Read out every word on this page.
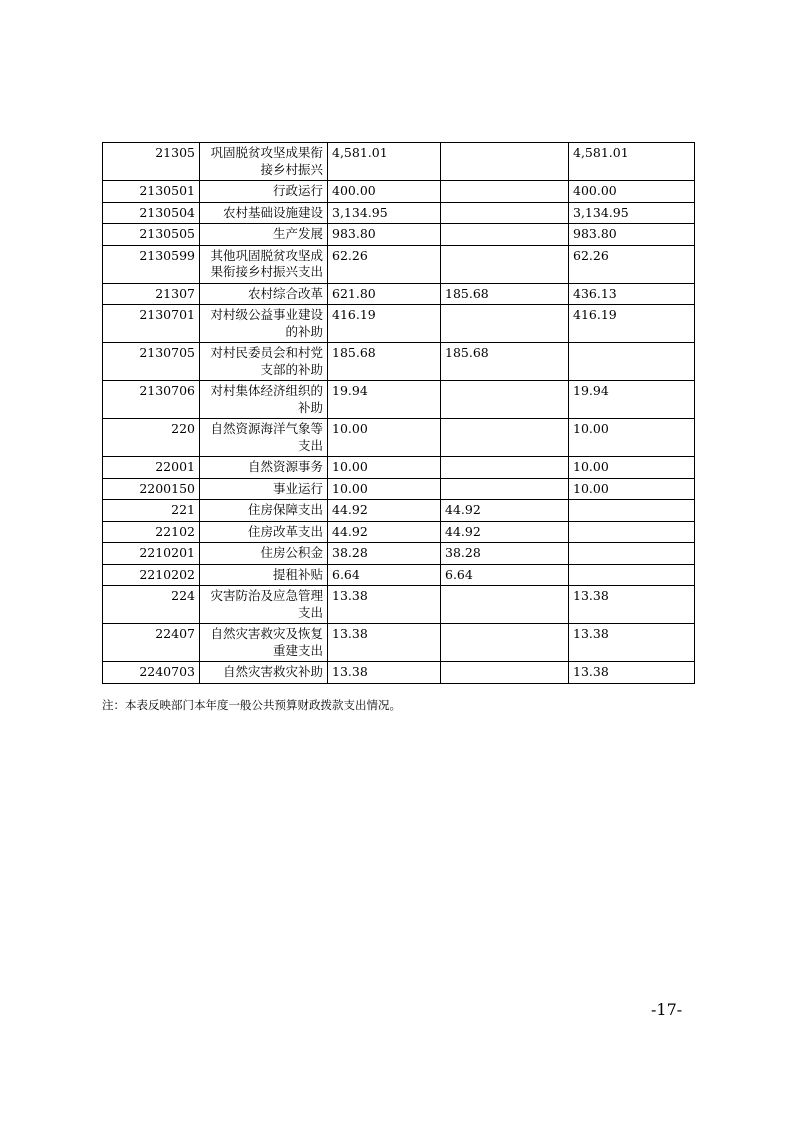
21305	巩固脱贫攻坚成果衔接乡村振兴	4,581.01		4,581.01
2130501	行政运行	400.00		400.00
2130504	农村基础设施建设	3,134.95		3,134.95
2130505	生产发展	983.80		983.80
2130599	其他巩固脱贫攻坚成果衔接乡村振兴支出	62.26		62.26
21307	农村综合改革	621.80	185.68	436.13
2130701	对村级公益事业建设的补助	416.19		416.19
2130705	对村民委员会和村党支部的补助	185.68	185.68	
2130706	对村集体经济组织的补助	19.94		19.94
220	自然资源海洋气象等支出	10.00		10.00
22001	自然资源事务	10.00		10.00
2200150	事业运行	10.00		10.00
221	住房保障支出	44.92	44.92	
22102	住房改革支出	44.92	44.92	
2210201	住房公积金	38.28	38.28	
2210202	提租补贴	6.64	6.64	
224	灾害防治及应急管理支出	13.38		13.38
22407	自然灾害救灾及恢复重建支出	13.38		13.38
2240703	自然灾害救灾补助	13.38		13.38
注：本表反映部门本年度一般公共预算财政拨款支出情况。
-17-
